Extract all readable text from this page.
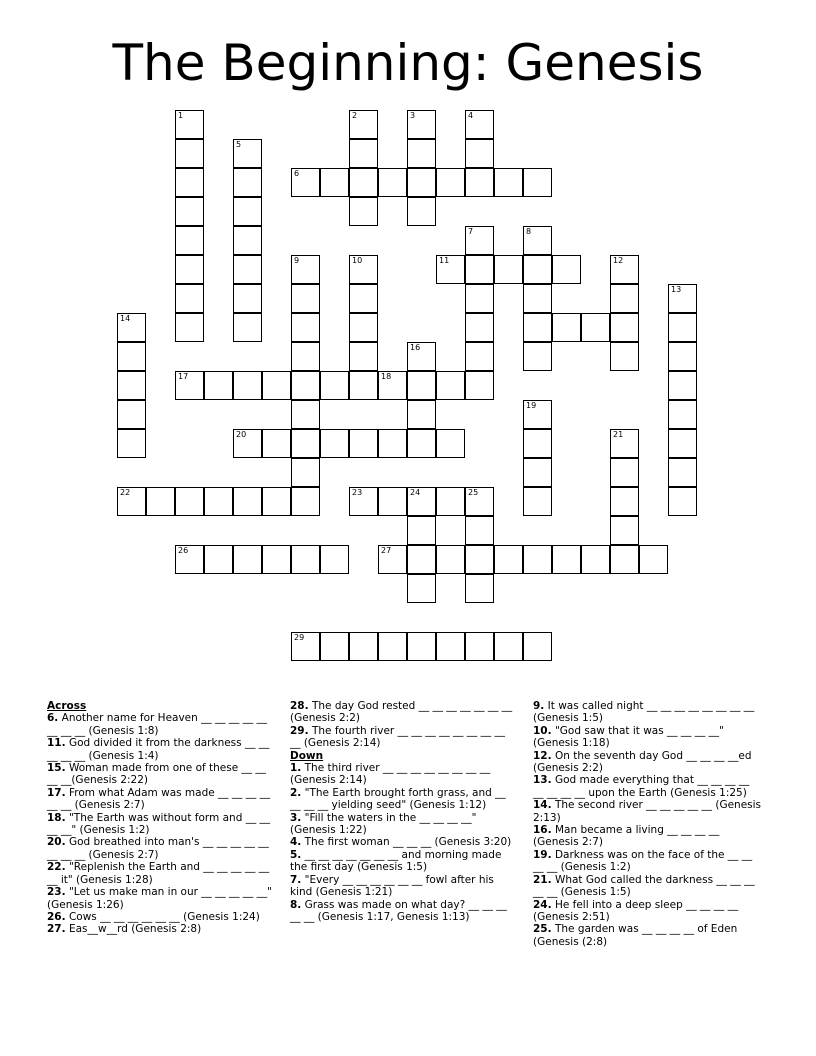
The Beginning: Genesis
1
5
2	3	4
6
7	8
9	10	11	12
13
14
16
17	18
19
20	21
22	23	24	25
26	27
29
Across
6. Another name for Heaven __ __ __ __ __ __ __ __ (Genesis 1:8)
11. God divided it from the darkness __ __ __ __ __ (Genesis 1:4)
15. Woman made from one of these __ __ __ __(Genesis 2:22)
17. From what Adam was made __ __ __ __ __ __ (Genesis 2:7)
18. "The Earth was without form and __ __ __ __" (Genesis 1:2)
20. God breathed into man's __ __ __ __ __ __ __ __ (Genesis 2:7)
22. "Replenish the Earth and __ __ __ __ __ __ it" (Genesis 1:28)
23. "Let us make man in our __ __ __ __ __" (Genesis 1:26)
26. Cows __ __ __ __ __ __ (Genesis 1:24)
27. Eas__w__rd (Genesis 2:8)
28. The day God rested __ __ __ __ __ __ __ (Genesis 2:2)
29. The fourth river __ __ __ __ __ __ __ __ __ (Genesis 2:14)
Down
1. The third river __ __ __ __ __ __ __ __ (Genesis 2:14)
2. "The Earth brought forth grass, and __ __ __ __ yielding seed" (Genesis 1:12)
3. "Fill the waters in the __ __ __ __" (Genesis 1:22)
4. The first woman __ __ __ (Genesis 3:20)
5. __ __ __ __ __ __ __ and morning made the first day (Genesis 1:5)
7. "Every __ __ __ __ __ __ fowl after his kind (Genesis 1:21)
8. Grass was made on what day? __ __ __ __ __ (Genesis 1:17, Genesis 1:13)
9. It was called night __ __ __ __ __ __ __ __ (Genesis 1:5)
10. "God saw that it was __ __ __ __" (Genesis 1:18)
12. On the seventh day God __ __ __ __ed (Genesis 2:2)
13. God made everything that __ __ __ __ __ __ __ __ upon the Earth (Genesis 1:25)
14. The second river __ __ __ __ __ (Genesis 2:13)
16. Man became a living __ __ __ __ (Genesis 2:7)
19. Darkness was on the face of the __ __ __ __ (Genesis 1:2)
21. What God called the darkness __ __ __ __ __ (Genesis 1:5)
24. He fell into a deep sleep __ __ __ __ (Genesis 2:51)
25. The garden was __ __ __ __ of Eden (Genesis (2:8)
